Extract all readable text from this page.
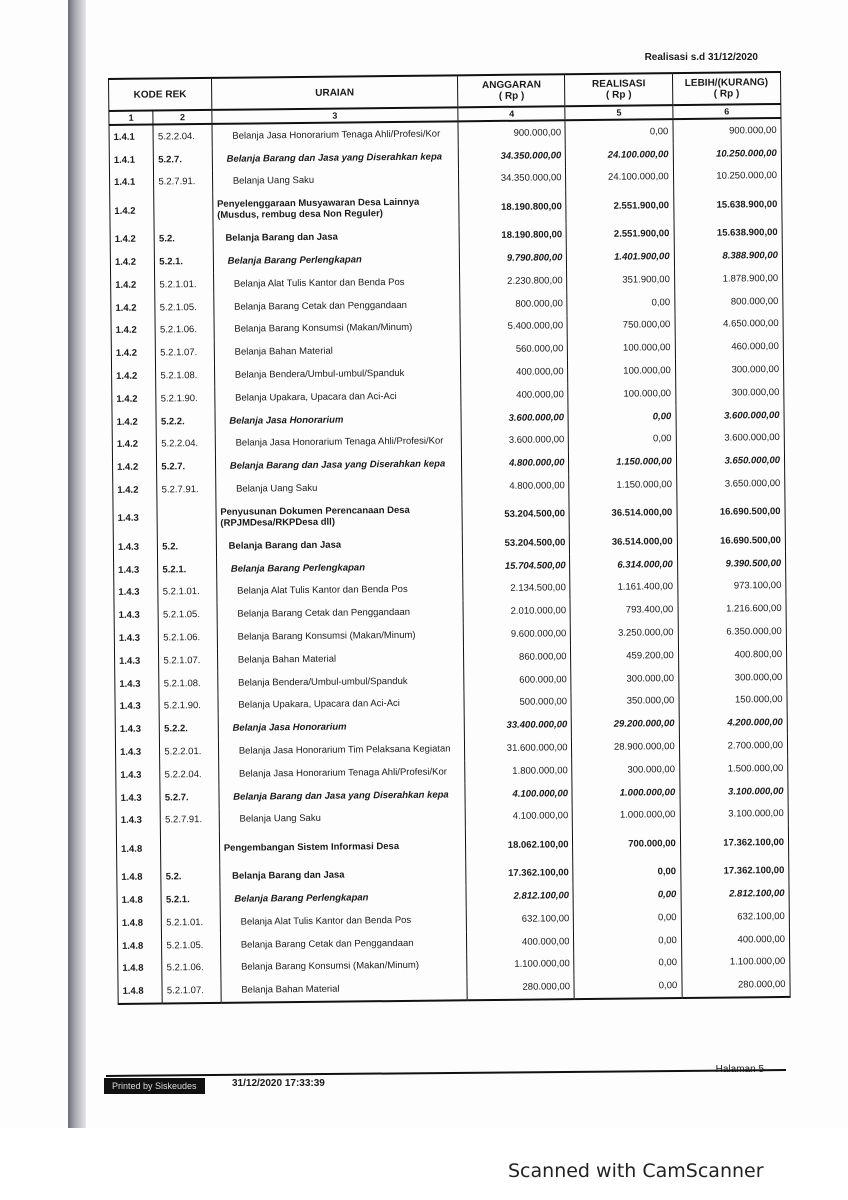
Realisasi s.d 31/12/2020
KODE REK		URAIAN	ANGGARAN
( Rp )	REALISASI
( Rp )	LEBIH/(KURANG)
( Rp )
1	2	3	4	5	6
1.4.1	5.2.2.04.	Belanja Jasa Honorarium Tenaga Ahli/Profesi/Kor	900.000,00	0,00	900.000,00
1.4.1	5.2.7.	Belanja Barang dan Jasa yang Diserahkan kepa	34.350.000,00	24.100.000,00	10.250.000,00
1.4.1	5.2.7.91.	Belanja Uang Saku	34.350.000,00	24.100.000,00	10.250.000,00
1.4.2		Penyelenggaraan Musyawaran Desa Lainnya (Musdus, rembug desa Non Reguler)	18.190.800,00	2.551.900,00	15.638.900,00
1.4.2	5.2.	Belanja Barang dan Jasa	18.190.800,00	2.551.900,00	15.638.900,00
1.4.2	5.2.1.	Belanja Barang Perlengkapan	9.790.800,00	1.401.900,00	8.388.900,00
1.4.2	5.2.1.01.	Belanja Alat Tulis Kantor dan Benda Pos	2.230.800,00	351.900,00	1.878.900,00
1.4.2	5.2.1.05.	Belanja Barang Cetak dan Penggandaan	800.000,00	0,00	800.000,00
1.4.2	5.2.1.06.	Belanja Barang Konsumsi (Makan/Minum)	5.400.000,00	750.000,00	4.650.000,00
1.4.2	5.2.1.07.	Belanja Bahan Material	560.000,00	100.000,00	460.000,00
1.4.2	5.2.1.08.	Belanja Bendera/Umbul-umbul/Spanduk	400.000,00	100.000,00	300.000,00
1.4.2	5.2.1.90.	Belanja Upakara, Upacara dan Aci-Aci	400.000,00	100.000,00	300.000,00
1.4.2	5.2.2.	Belanja Jasa Honorarium	3.600.000,00	0,00	3.600.000,00
1.4.2	5.2.2.04.	Belanja Jasa Honorarium Tenaga Ahli/Profesi/Kor	3.600.000,00	0,00	3.600.000,00
1.4.2	5.2.7.	Belanja Barang dan Jasa yang Diserahkan kepa	4.800.000,00	1.150.000,00	3.650.000,00
1.4.2	5.2.7.91.	Belanja Uang Saku	4.800.000,00	1.150.000,00	3.650.000,00
1.4.3		Penyusunan Dokumen Perencanaan Desa (RPJMDesa/RKPDesa dll)	53.204.500,00	36.514.000,00	16.690.500,00
1.4.3	5.2.	Belanja Barang dan Jasa	53.204.500,00	36.514.000,00	16.690.500,00
1.4.3	5.2.1.	Belanja Barang Perlengkapan	15.704.500,00	6.314.000,00	9.390.500,00
1.4.3	5.2.1.01.	Belanja Alat Tulis Kantor dan Benda Pos	2.134.500,00	1.161.400,00	973.100,00
1.4.3	5.2.1.05.	Belanja Barang Cetak dan Penggandaan	2.010.000,00	793.400,00	1.216.600,00
1.4.3	5.2.1.06.	Belanja Barang Konsumsi (Makan/Minum)	9.600.000,00	3.250.000,00	6.350.000,00
1.4.3	5.2.1.07.	Belanja Bahan Material	860.000,00	459.200,00	400.800,00
1.4.3	5.2.1.08.	Belanja Bendera/Umbul-umbul/Spanduk	600.000,00	300.000,00	300.000,00
1.4.3	5.2.1.90.	Belanja Upakara, Upacara dan Aci-Aci	500.000,00	350.000,00	150.000,00
1.4.3	5.2.2.	Belanja Jasa Honorarium	33.400.000,00	29.200.000,00	4.200.000,00
1.4.3	5.2.2.01.	Belanja Jasa Honorarium Tim Pelaksana Kegiatan	31.600.000,00	28.900.000,00	2.700.000,00
1.4.3	5.2.2.04.	Belanja Jasa Honorarium Tenaga Ahli/Profesi/Kor	1.800.000,00	300.000,00	1.500.000,00
1.4.3	5.2.7.	Belanja Barang dan Jasa yang Diserahkan kepa	4.100.000,00	1.000.000,00	3.100.000,00
1.4.3	5.2.7.91.	Belanja Uang Saku	4.100.000,00	1.000.000,00	3.100.000,00
1.4.8		Pengembangan Sistem Informasi Desa	18.062.100,00	700.000,00	17.362.100,00
1.4.8	5.2.	Belanja Barang dan Jasa	17.362.100,00	0,00	17.362.100,00
1.4.8	5.2.1.	Belanja Barang Perlengkapan	2.812.100,00	0,00	2.812.100,00
1.4.8	5.2.1.01.	Belanja Alat Tulis Kantor dan Benda Pos	632.100,00	0,00	632.100,00
1.4.8	5.2.1.05.	Belanja Barang Cetak dan Penggandaan	400.000,00	0,00	400.000,00
1.4.8	5.2.1.06.	Belanja Barang Konsumsi (Makan/Minum)	1.100.000,00	0,00	1.100.000,00
1.4.8	5.2.1.07.	Belanja Bahan Material	280.000,00	0,00	280.000,00
Halaman 5
Printed by Siskeudes	31/12/2020 17:33:39
Scanned with CamScanner
